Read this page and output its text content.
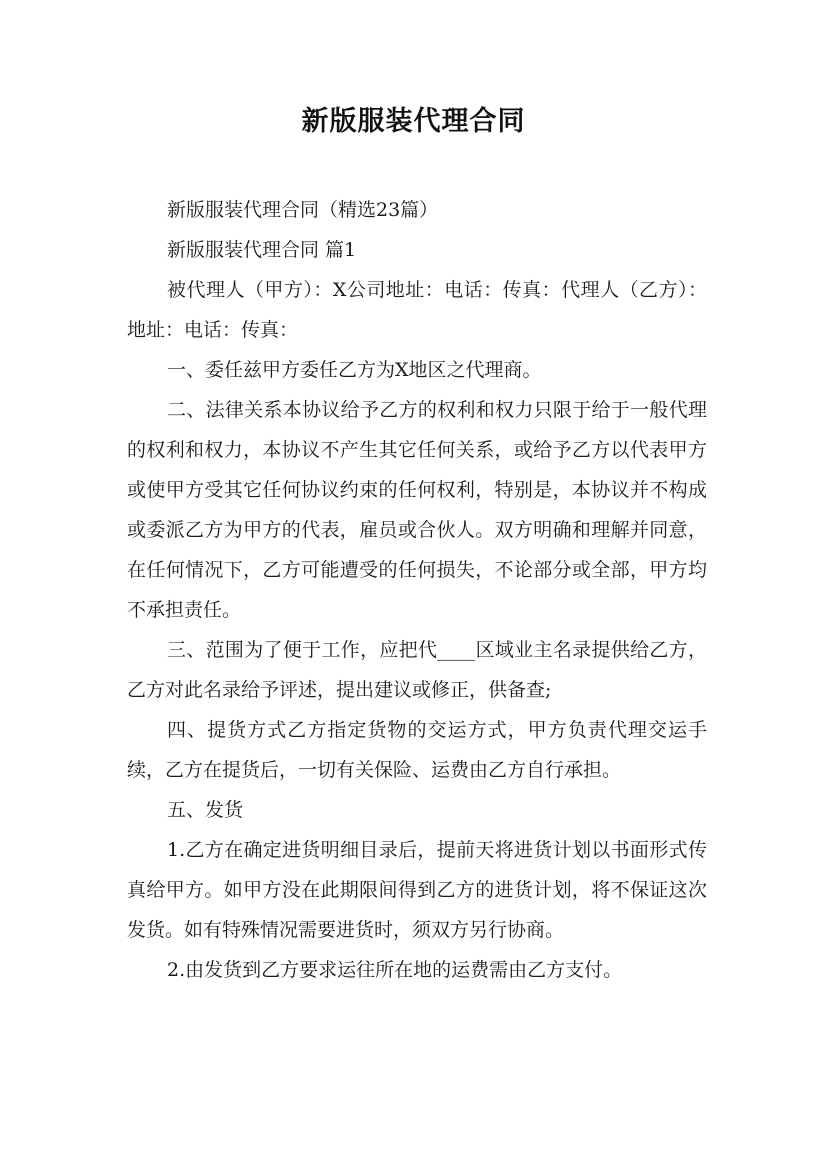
新版服装代理合同

新版服装代理合同（精选23篇）

新版服装代理合同 篇1

被代理人（甲方）：X公司地址：电话：传真：代理人（乙方）：地址：电话：传真：

一、委任兹甲方委任乙方为X地区之代理商。

二、法律关系本协议给予乙方的权利和权力只限于给于一般代理的权利和权力，本协议不产生其它任何关系，或给予乙方以代表甲方或使甲方受其它任何协议约束的任何权利，特别是，本协议并不构成或委派乙方为甲方的代表，雇员或合伙人。双方明确和理解并同意，在任何情况下，乙方可能遭受的任何损失，不论部分或全部，甲方均不承担责任。

三、范围为了便于工作，应把代____区域业主名录提供给乙方，乙方对此名录给予评述，提出建议或修正，供备查;

四、提货方式乙方指定货物的交运方式，甲方负责代理交运手续，乙方在提货后，一切有关保险、运费由乙方自行承担。

五、发货

1.乙方在确定进货明细目录后，提前天将进货计划以书面形式传真给甲方。如甲方没在此期限间得到乙方的进货计划，将不保证这次发货。如有特殊情况需要进货时，须双方另行协商。

2.由发货到乙方要求运往所在地的运费需由乙方支付。
